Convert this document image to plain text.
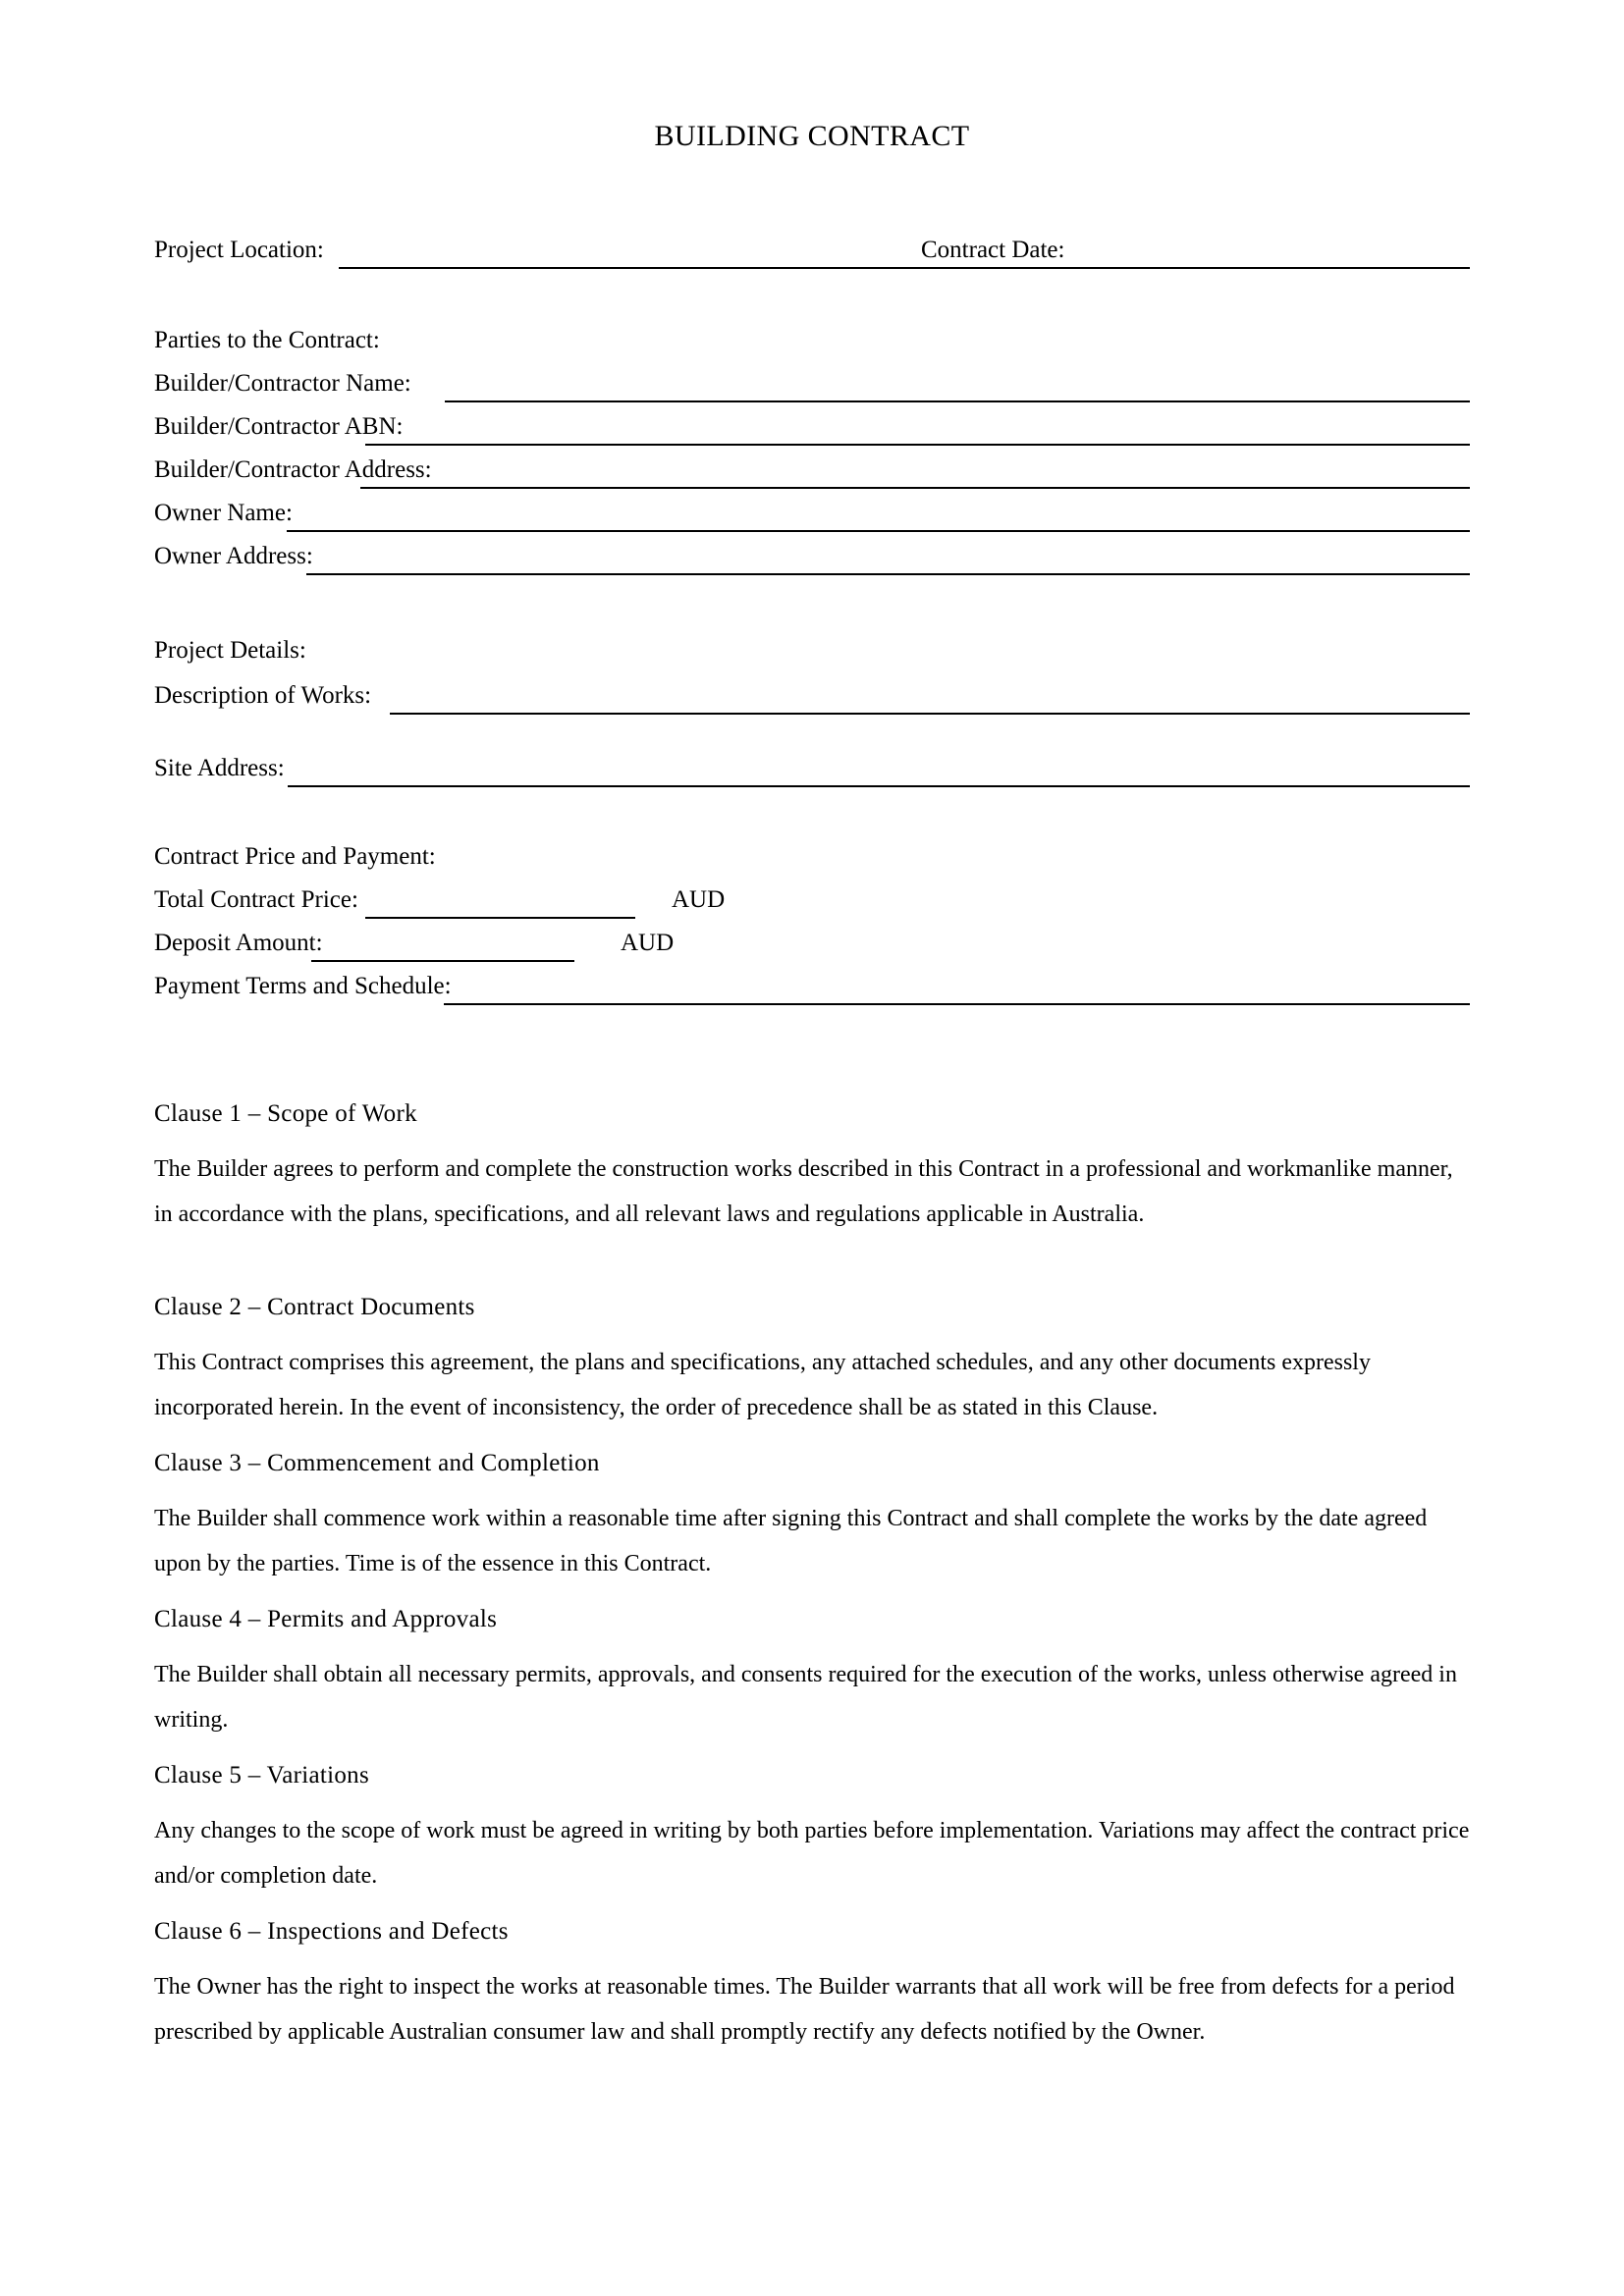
BUILDING CONTRACT
Project Location:	Contract Date:
Parties to the Contract:
Builder/Contractor Name:
Builder/Contractor ABN:
Builder/Contractor Address:
Owner Name:
Owner Address:
Project Details:
Description of Works:
Site Address:
Contract Price and Payment:
Total Contract Price:	AUD
Deposit Amount:	AUD
Payment Terms and Schedule:

Clause 1 – Scope of Work

The Builder agrees to perform and complete the construction works described in this Contract in a professional and workmanlike manner, in accordance with the plans, specifications, and all relevant laws and regulations applicable in Australia.

Clause 2 – Contract Documents

This Contract comprises this agreement, the plans and specifications, any attached schedules, and any other documents expressly incorporated herein. In the event of inconsistency, the order of precedence shall be as stated in this Clause.

Clause 3 – Commencement and Completion

The Builder shall commence work within a reasonable time after signing this Contract and shall complete the works by the date agreed upon by the parties. Time is of the essence in this Contract.

Clause 4 – Permits and Approvals

The Builder shall obtain all necessary permits, approvals, and consents required for the execution of the works, unless otherwise agreed in writing.

Clause 5 – Variations

Any changes to the scope of work must be agreed in writing by both parties before implementation. Variations may affect the contract price and/or completion date.

Clause 6 – Inspections and Defects

The Owner has the right to inspect the works at reasonable times. The Builder warrants that all work will be free from defects for a period prescribed by applicable Australian consumer law and shall promptly rectify any defects notified by the Owner.
